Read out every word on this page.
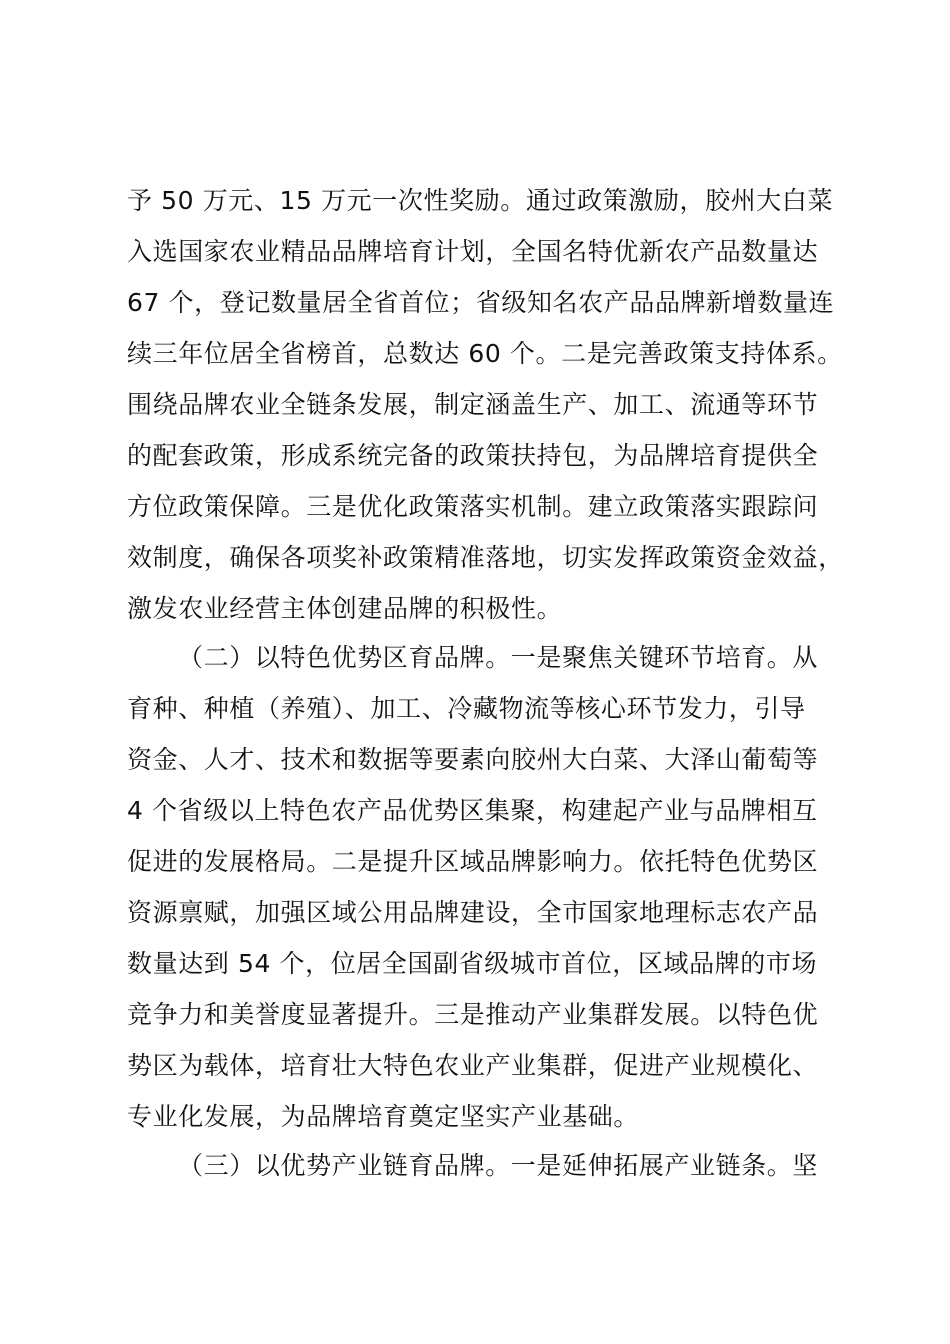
予 50 万元、15 万元一次性奖励。通过政策激励，胶州大白菜
入选国家农业精品品牌培育计划，全国名特优新农产品数量达
67 个，登记数量居全省首位；省级知名农产品品牌新增数量连
续三年位居全省榜首，总数达 60 个。二是完善政策支持体系。
围绕品牌农业全链条发展，制定涵盖生产、加工、流通等环节
的配套政策，形成系统完备的政策扶持包，为品牌培育提供全
方位政策保障。三是优化政策落实机制。建立政策落实跟踪问
效制度，确保各项奖补政策精准落地，切实发挥政策资金效益，
激发农业经营主体创建品牌的积极性。
（二）以特色优势区育品牌。一是聚焦关键环节培育。从
育种、种植（养殖）、加工、冷藏物流等核心环节发力，引导
资金、人才、技术和数据等要素向胶州大白菜、大泽山葡萄等
4 个省级以上特色农产品优势区集聚，构建起产业与品牌相互
促进的发展格局。二是提升区域品牌影响力。依托特色优势区
资源禀赋，加强区域公用品牌建设，全市国家地理标志农产品
数量达到 54 个，位居全国副省级城市首位，区域品牌的市场
竞争力和美誉度显著提升。三是推动产业集群发展。以特色优
势区为载体，培育壮大特色农业产业集群，促进产业规模化、
专业化发展，为品牌培育奠定坚实产业基础。
（三）以优势产业链育品牌。一是延伸拓展产业链条。坚
